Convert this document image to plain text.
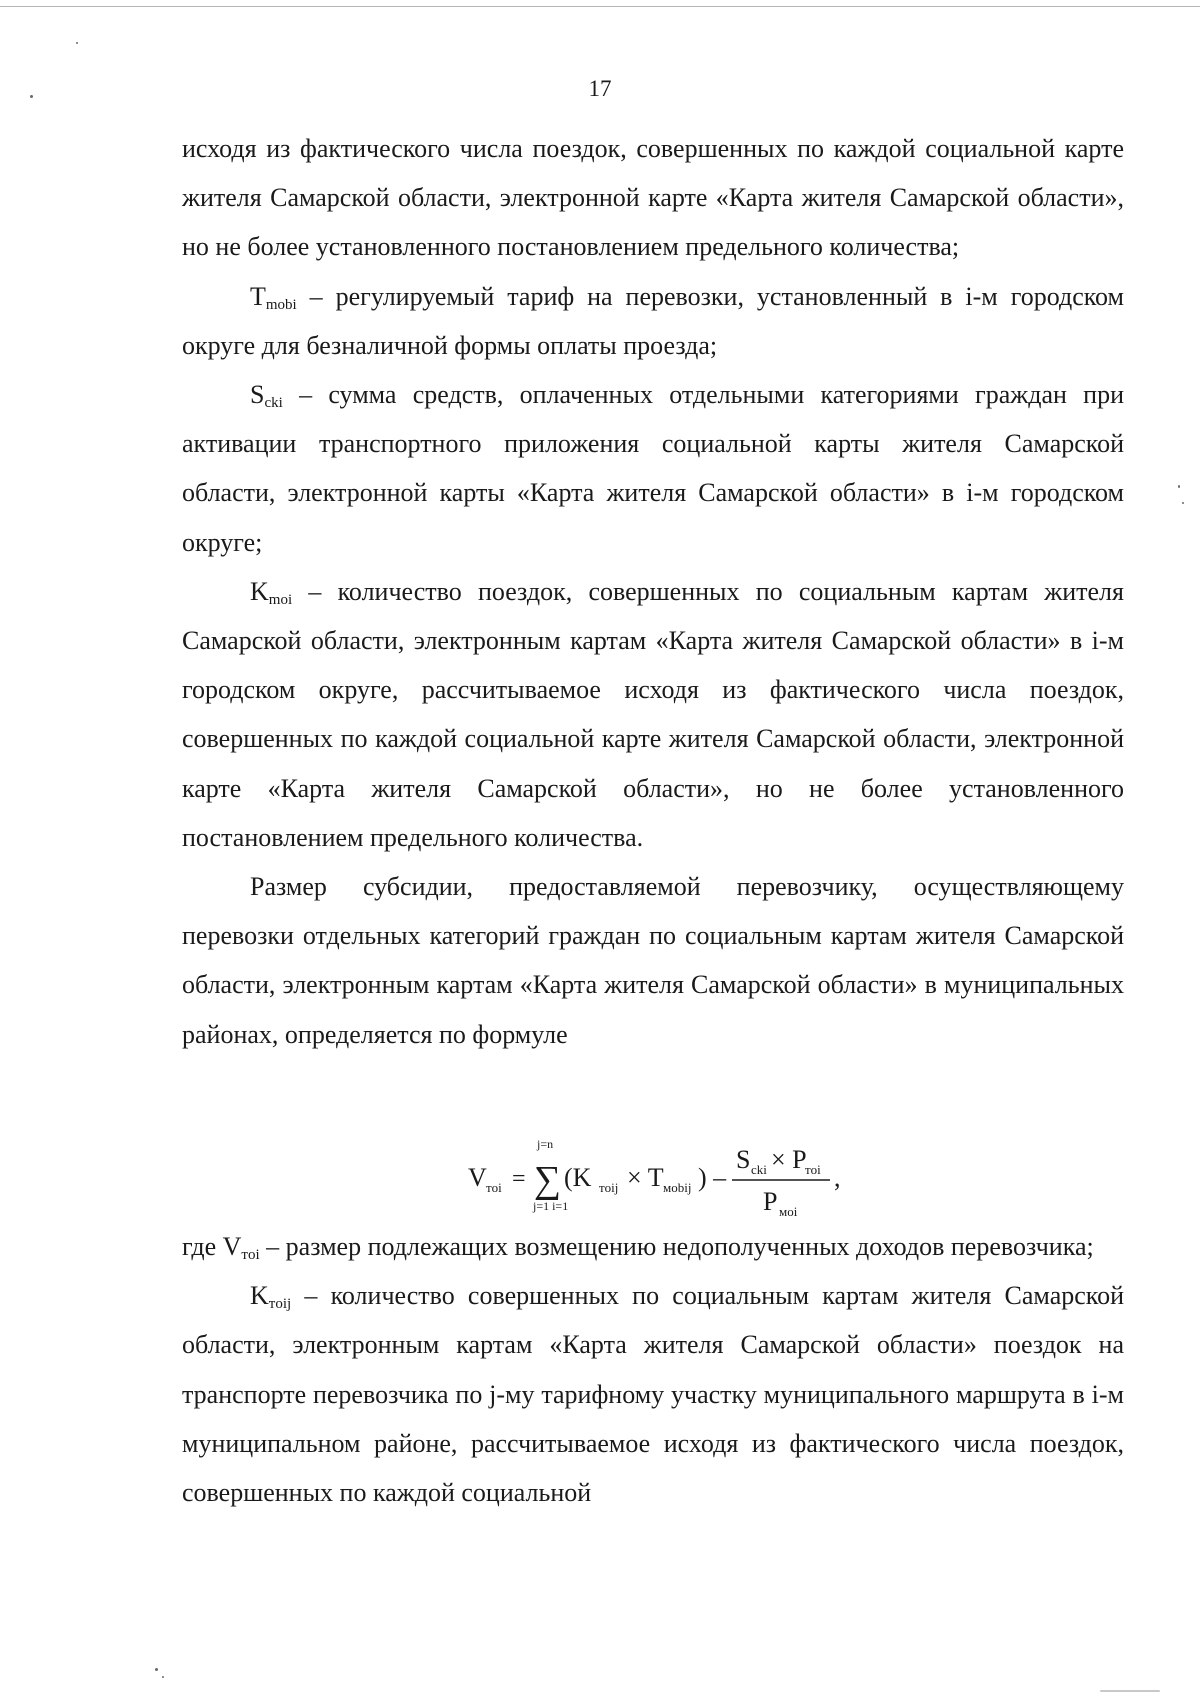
17

исходя из фактического числа поездок, совершенных по каждой социальной карте жителя Самарской области, электронной карте «Карта жителя Самарской области», но не более установленного постановлением предельного количества;

$T_{mobi}$ – регулируемый тариф на перевозки, установленный в i-м городском округе для безналичной формы оплаты проезда;

$S_{cki}$ – сумма средств, оплаченных отдельными категориями граждан при активации транспортного приложения социальной карты жителя Самарской области, электронной карты «Карта жителя Самарской области» в i-м городском округе;

$K_{moi}$ – количество поездок, совершенных по социальным картам жителя Самарской области, электронным картам «Карта жителя Самарской области» в i-м городском округе, рассчитываемое исходя из фактического числа поездок, совершенных по каждой социальной карте жителя Самарской области, электронной карте «Карта жителя Самарской области», но не более установленного постановлением предельного количества.

Размер субсидии, предоставляемой перевозчику, осуществляющему перевозки отдельных категорий граждан по социальным картам жителя Самарской области, электронным картам «Карта жителя Самарской области» в муниципальных районах, определяется по формуле

V тoi =
j=n
∑
j=1 i=1
(K тoij × T мobij ) –
S cki × P
тoi
P мoi
,

где $V_{тoi}$ – размер подлежащих возмещению недополученных доходов перевозчика;

$K_{тoij}$ – количество совершенных по социальным картам жителя Самарской области, электронным картам «Карта жителя Самарской области» поездок на транспорте перевозчика по j-му тарифному участку муниципального маршрута в i-м муниципальном районе, рассчитываемое исходя из фактического числа поездок, совершенных по каждой социальной
